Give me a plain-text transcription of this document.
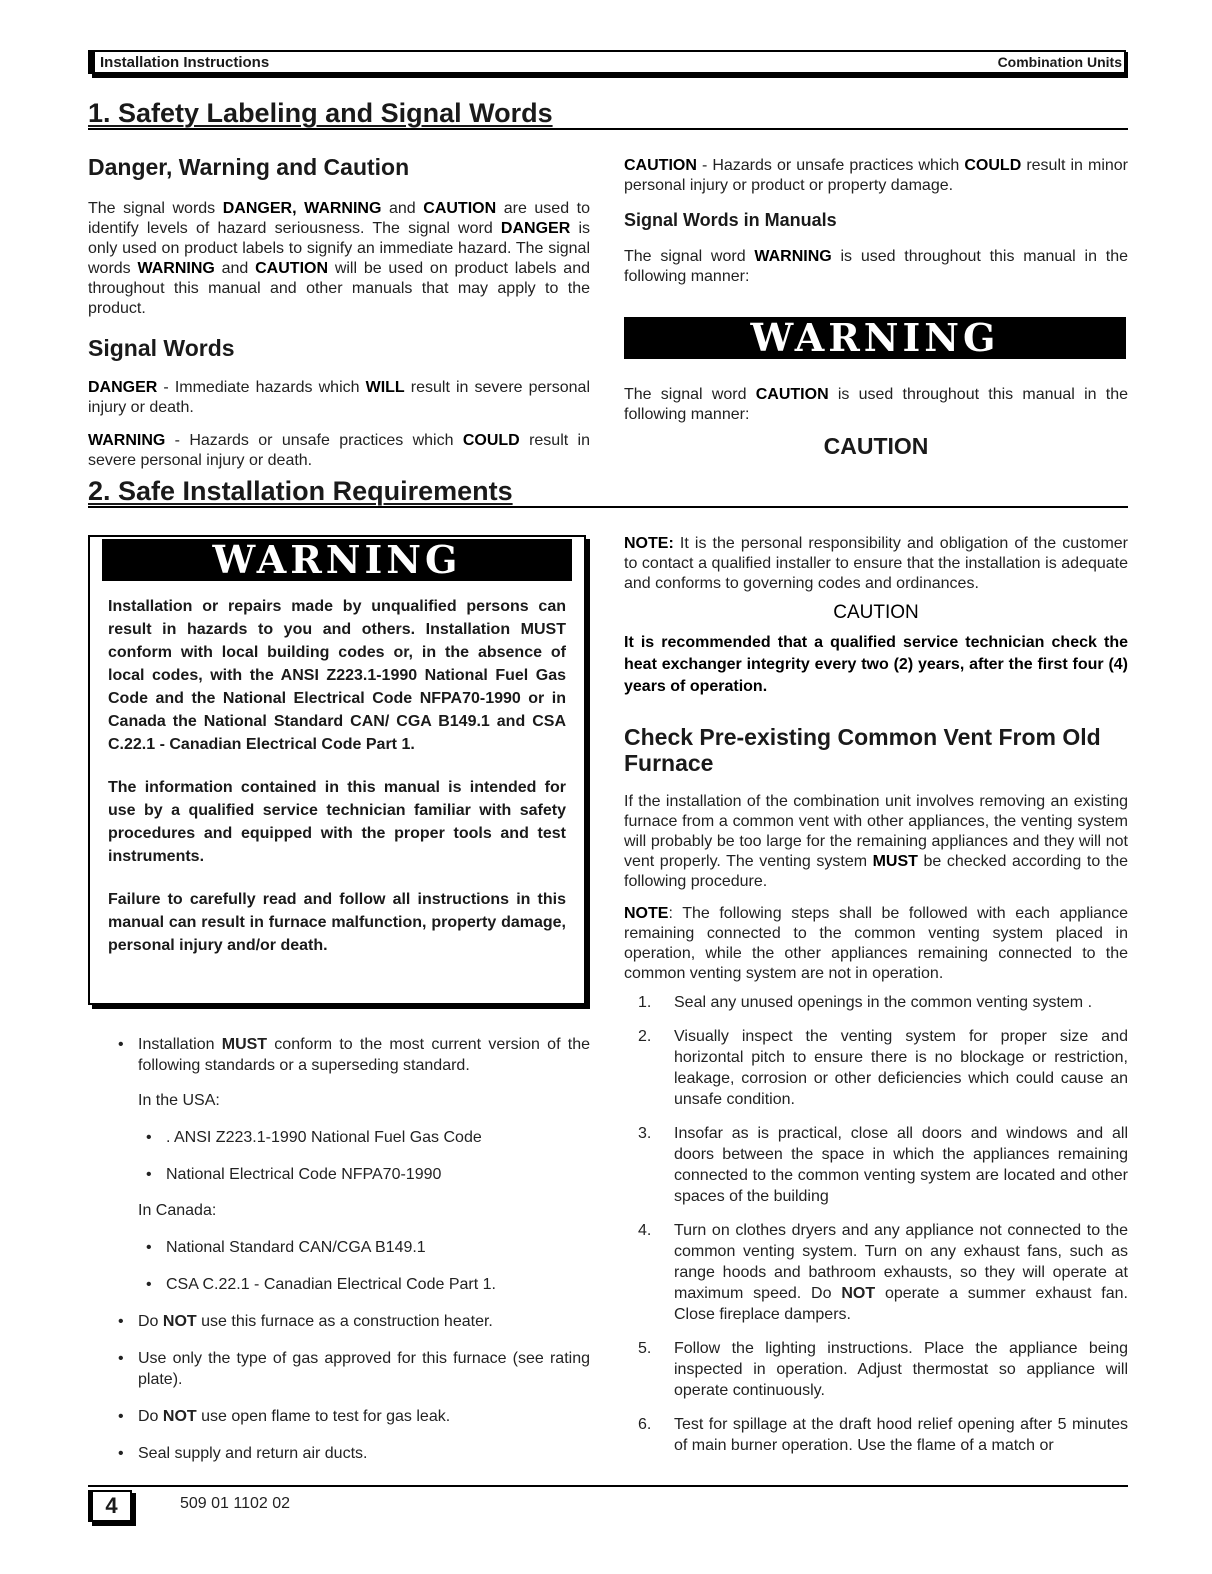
Installation Instructions	Combination Units
1. Safety Labeling and Signal Words
Danger, Warning and Caution
The signal words DANGER, WARNING and CAUTION are used to identify levels of hazard seriousness. The signal word DANGER is only used on product labels to signify an immediate hazard. The signal words WARNING and CAUTION will be used on product labels and throughout this manual and other manuals that may apply to the product.
Signal Words
DANGER - Immediate hazards which WILL result in severe personal injury or death.
WARNING - Hazards or unsafe practices which COULD result in severe personal injury or death.
CAUTION - Hazards or unsafe practices which COULD result in minor personal injury or product or property damage.
Signal Words in Manuals
The signal word WARNING is used throughout this manual in the following manner:
WARNING
The signal word CAUTION is used throughout this manual in the following manner:
CAUTION
2. Safe Installation Requirements
WARNING

Installation or repairs made by unqualified persons can result in hazards to you and others. Installation MUST conform with local building codes or, in the absence of local codes, with the ANSI Z223.1-1990 National Fuel Gas Code and the National Electrical Code NFPA70-1990 or in Canada the National Standard CAN/ CGA B149.1 and CSA C.22.1 - Canadian Electrical Code Part 1.

The information contained in this manual is intended for use by a qualified service technician familiar with safety procedures and equipped with the proper tools and test instruments.

Failure to carefully read and follow all instructions in this manual can result in furnace malfunction, property damage, personal injury and/or death.

• Installation MUST conform to the most current version of the following standards or a superseding standard.
In the USA:
• . ANSI Z223.1-1990 National Fuel Gas Code
• National Electrical Code NFPA70-1990
In Canada:
• National Standard CAN/CGA B149.1
• CSA C.22.1 - Canadian Electrical Code Part 1.
• Do NOT use this furnace as a construction heater.
• Use only the type of gas approved for this furnace (see rating plate).
• Do NOT use open flame to test for gas leak.
• Seal supply and return air ducts.
NOTE: It is the personal responsibility and obligation of the customer to contact a qualified installer to ensure that the installation is adequate and conforms to governing codes and ordinances.
CAUTION
It is recommended that a qualified service technician check the heat exchanger integrity every two (2) years, after the first four (4) years of operation.
Check Pre-existing Common Vent From Old Furnace
If the installation of the combination unit involves removing an existing furnace from a common vent with other appliances, the venting system will probably be too large for the remaining appliances and they will not vent properly. The venting system MUST be checked according to the following procedure.
NOTE: The following steps shall be followed with each appliance remaining connected to the common venting system placed in operation, while the other appliances remaining connected to the common venting system are not in operation.
1. Seal any unused openings in the common venting system .
2. Visually inspect the venting system for proper size and horizontal pitch to ensure there is no blockage or restriction, leakage, corrosion or other deficiencies which could cause an unsafe condition.
3. Insofar as is practical, close all doors and windows and all doors between the space in which the appliances remaining connected to the common venting system are located and other spaces of the building
4. Turn on clothes dryers and any appliance not connected to the common venting system. Turn on any exhaust fans, such as range hoods and bathroom exhausts, so they will operate at maximum speed. Do NOT operate a summer exhaust fan. Close fireplace dampers.
5. Follow the lighting instructions. Place the appliance being inspected in operation. Adjust thermostat so appliance will operate continuously.
6. Test for spillage at the draft hood relief opening after 5 minutes of main burner operation. Use the flame of a match or
4	509 01 1102 02
